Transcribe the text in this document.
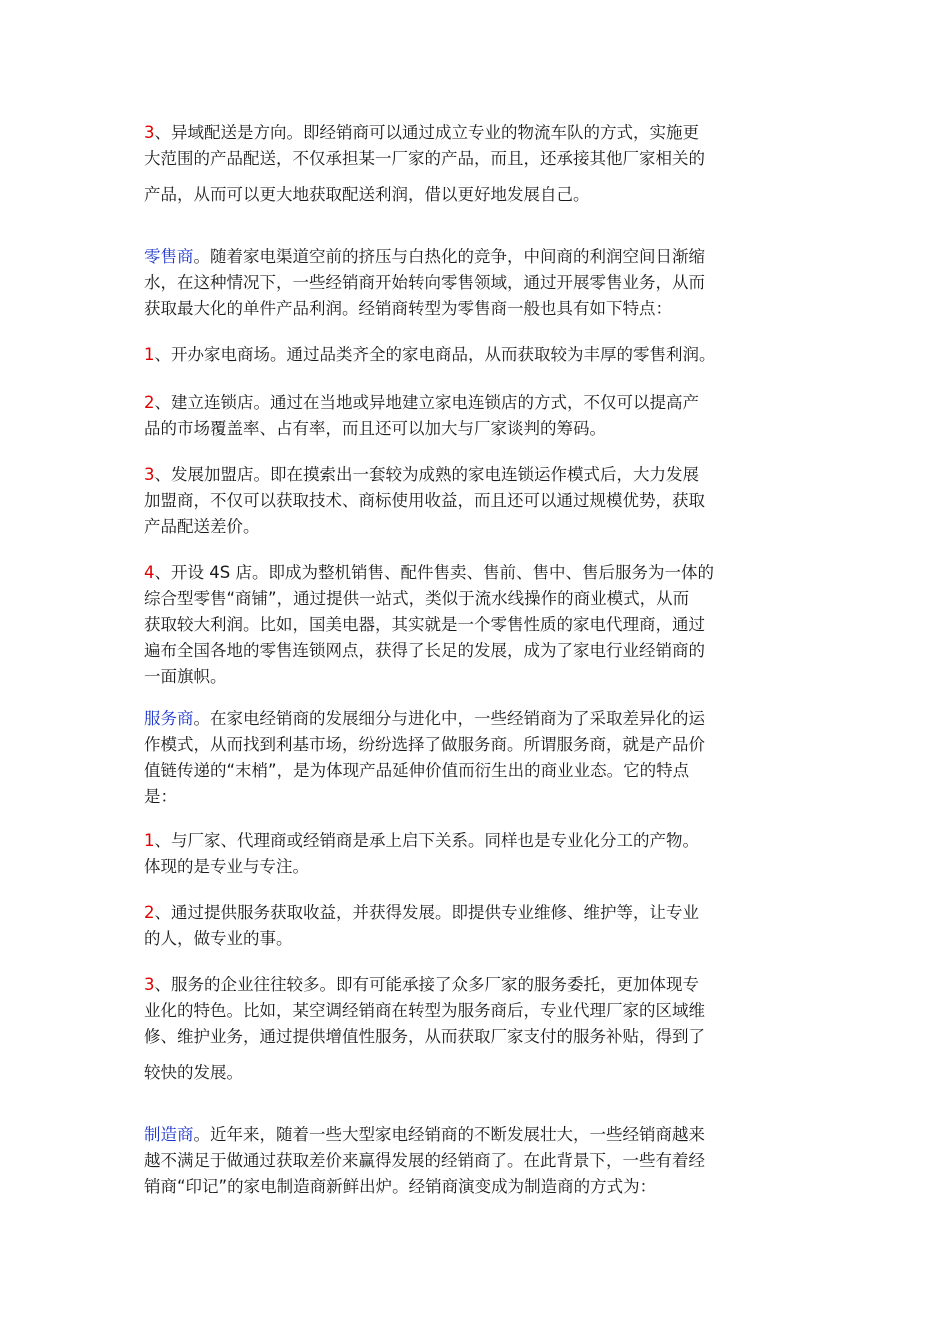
3、异域配送是方向。即经销商可以通过成立专业的物流车队的方式，实施更
大范围的产品配送，不仅承担某一厂家的产品，而且，还承接其他厂家相关的
产品，从而可以更大地获取配送利润，借以更好地发展自己。
零售商。随着家电渠道空前的挤压与白热化的竞争，中间商的利润空间日渐缩
水，在这种情况下，一些经销商开始转向零售领域，通过开展零售业务，从而
获取最大化的单件产品利润。经销商转型为零售商一般也具有如下特点：
1、开办家电商场。通过品类齐全的家电商品，从而获取较为丰厚的零售利润。
2、建立连锁店。通过在当地或异地建立家电连锁店的方式，不仅可以提高产
品的市场覆盖率、占有率，而且还可以加大与厂家谈判的筹码。
3、发展加盟店。即在摸索出一套较为成熟的家电连锁运作模式后，大力发展
加盟商，不仅可以获取技术、商标使用收益，而且还可以通过规模优势，获取
产品配送差价。
4、开设 4S 店。即成为整机销售、配件售卖、售前、售中、售后服务为一体的
综合型零售“商铺”，通过提供一站式，类似于流水线操作的商业模式，从而
获取较大利润。比如，国美电器，其实就是一个零售性质的家电代理商，通过
遍布全国各地的零售连锁网点，获得了长足的发展，成为了家电行业经销商的
一面旗帜。
服务商。在家电经销商的发展细分与进化中，一些经销商为了采取差异化的运
作模式，从而找到利基市场，纷纷选择了做服务商。所谓服务商，就是产品价
值链传递的“末梢”，是为体现产品延伸价值而衍生出的商业业态。它的特点
是：
1、与厂家、代理商或经销商是承上启下关系。同样也是专业化分工的产物。
体现的是专业与专注。
2、通过提供服务获取收益，并获得发展。即提供专业维修、维护等，让专业
的人，做专业的事。
3、服务的企业往往较多。即有可能承接了众多厂家的服务委托，更加体现专
业化的特色。比如，某空调经销商在转型为服务商后，专业代理厂家的区域维
修、维护业务，通过提供增值性服务，从而获取厂家支付的服务补贴，得到了
较快的发展。
制造商。近年来，随着一些大型家电经销商的不断发展壮大，一些经销商越来
越不满足于做通过获取差价来赢得发展的经销商了。在此背景下，一些有着经
销商“印记”的家电制造商新鲜出炉。经销商演变成为制造商的方式为：
